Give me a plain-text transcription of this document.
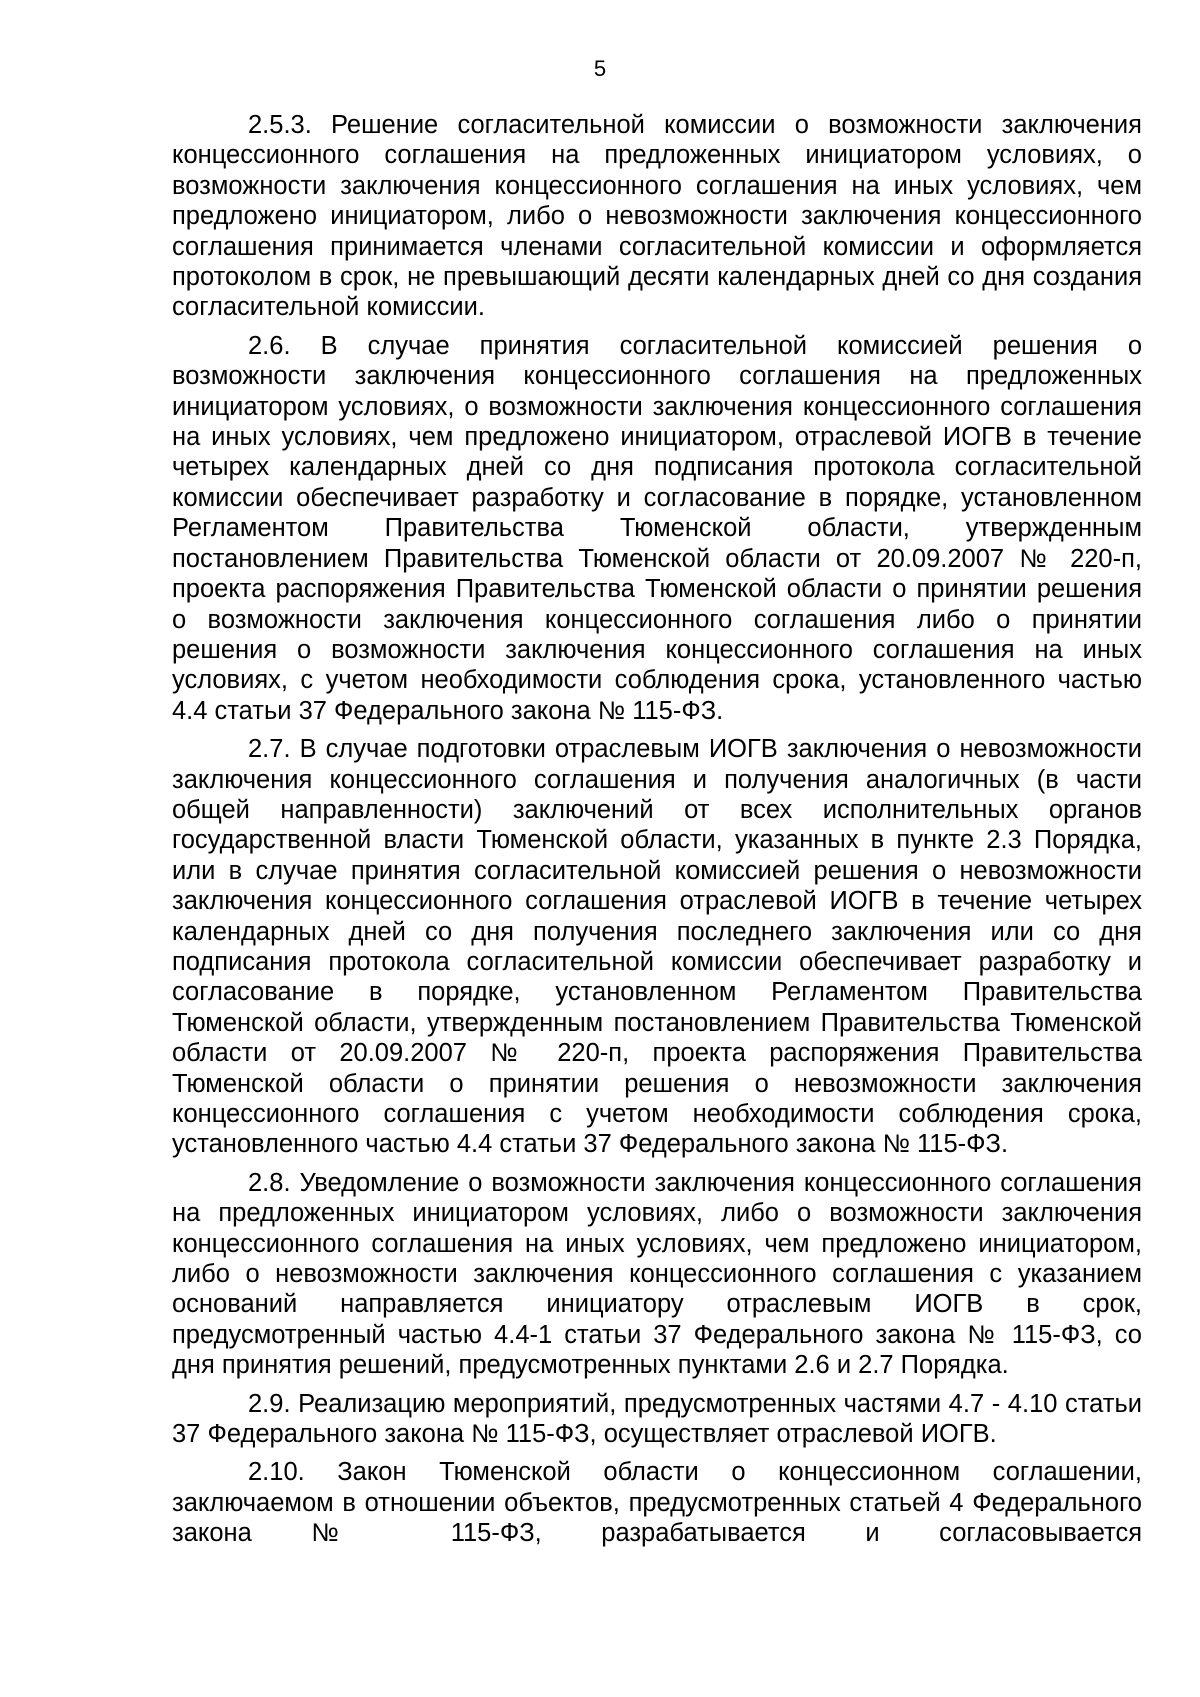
5

2.5.3. Решение согласительной комиссии о возможности заключения концессионного соглашения на предложенных инициатором условиях, о возможности заключения концессионного соглашения на иных условиях, чем предложено инициатором, либо о невозможности заключения концессионного соглашения принимается членами согласительной комиссии и оформляется протоколом в срок, не превышающий десяти календарных дней со дня создания согласительной комиссии.

2.6. В случае принятия согласительной комиссией решения о возможности заключения концессионного соглашения на предложенных инициатором условиях, о возможности заключения концессионного соглашения на иных условиях, чем предложено инициатором, отраслевой ИОГВ в течение четырех календарных дней со дня подписания протокола согласительной комиссии обеспечивает разработку и согласование в порядке, установленном Регламентом Правительства Тюменской области, утвержденным постановлением Правительства Тюменской области от 20.09.2007 № 220-п, проекта распоряжения Правительства Тюменской области о принятии решения о возможности заключения концессионного соглашения либо о принятии решения о возможности заключения концессионного соглашения на иных условиях, с учетом необходимости соблюдения срока, установленного частью 4.4 статьи 37 Федерального закона № 115-ФЗ.

2.7. В случае подготовки отраслевым ИОГВ заключения о невозможности заключения концессионного соглашения и получения аналогичных (в части общей направленности) заключений от всех исполнительных органов государственной власти Тюменской области, указанных в пункте 2.3 Порядка, или в случае принятия согласительной комиссией решения о невозможности заключения концессионного соглашения отраслевой ИОГВ в течение четырех календарных дней со дня получения последнего заключения или со дня подписания протокола согласительной комиссии обеспечивает разработку и согласование в порядке, установленном Регламентом Правительства Тюменской области, утвержденным постановлением Правительства Тюменской области от 20.09.2007 № 220-п, проекта распоряжения Правительства Тюменской области о принятии решения о невозможности заключения концессионного соглашения с учетом необходимости соблюдения срока, установленного частью 4.4 статьи 37 Федерального закона № 115-ФЗ.

2.8. Уведомление о возможности заключения концессионного соглашения на предложенных инициатором условиях, либо о возможности заключения концессионного соглашения на иных условиях, чем предложено инициатором, либо о невозможности заключения концессионного соглашения с указанием оснований направляется инициатору отраслевым ИОГВ в срок, предусмотренный частью 4.4-1 статьи 37 Федерального закона № 115-ФЗ, со дня принятия решений, предусмотренных пунктами 2.6 и 2.7 Порядка.

2.9. Реализацию мероприятий, предусмотренных частями 4.7 - 4.10 статьи 37 Федерального закона № 115-ФЗ, осуществляет отраслевой ИОГВ.

2.10. Закон Тюменской области о концессионном соглашении, заключаемом в отношении объектов, предусмотренных статьей 4 Федерального закона № 115-ФЗ, разрабатывается и согласовывается
